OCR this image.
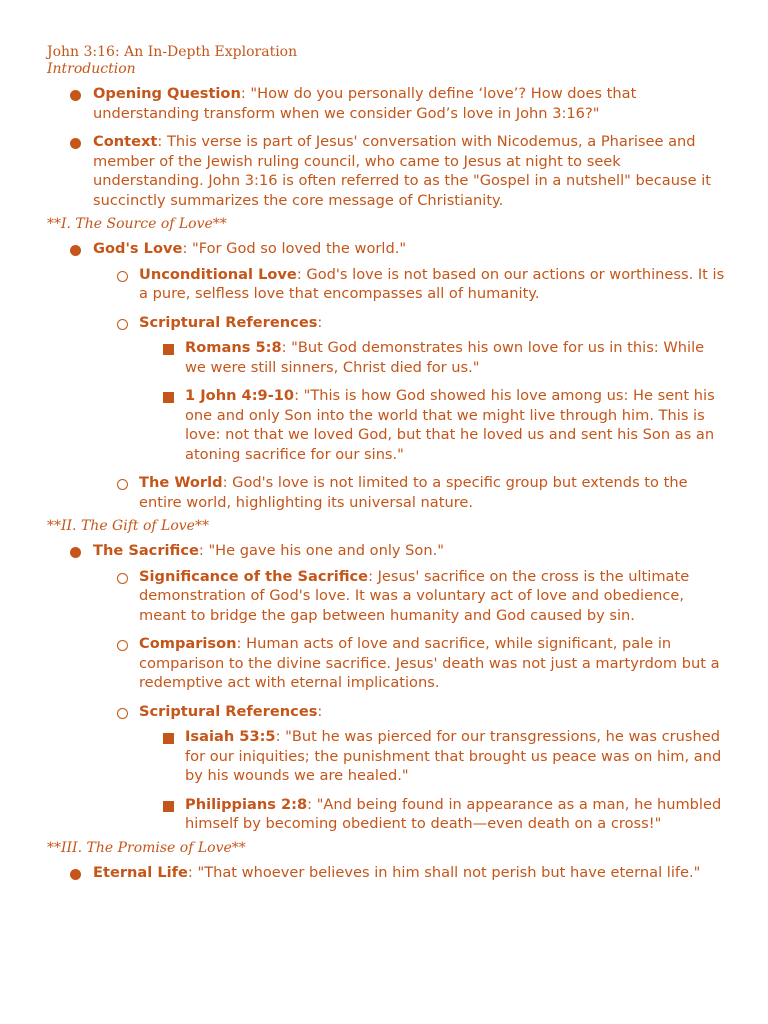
John 3:16: An In-Depth Exploration

Introduction

Opening Question: "How do you personally define ‘love’? How does that understanding transform when we consider God’s love in John 3:16?"
Context: This verse is part of Jesus' conversation with Nicodemus, a Pharisee and member of the Jewish ruling council, who came to Jesus at night to seek understanding. John 3:16 is often referred to as the "Gospel in a nutshell" because it succinctly summarizes the core message of Christianity.

**I. The Source of Love**

God's Love: "For God so loved the world."
Unconditional Love: God's love is not based on our actions or worthiness. It is a pure, selfless love that encompasses all of humanity.
Scriptural References:
Romans 5:8: "But God demonstrates his own love for us in this: While we were still sinners, Christ died for us."
1 John 4:9-10: "This is how God showed his love among us: He sent his one and only Son into the world that we might live through him. This is love: not that we loved God, but that he loved us and sent his Son as an atoning sacrifice for our sins."
The World: God's love is not limited to a specific group but extends to the entire world, highlighting its universal nature.

**II. The Gift of Love**

The Sacrifice: "He gave his one and only Son."
Significance of the Sacrifice: Jesus' sacrifice on the cross is the ultimate demonstration of God's love. It was a voluntary act of love and obedience, meant to bridge the gap between humanity and God caused by sin.
Comparison: Human acts of love and sacrifice, while significant, pale in comparison to the divine sacrifice. Jesus' death was not just a martyrdom but a redemptive act with eternal implications.
Scriptural References:
Isaiah 53:5: "But he was pierced for our transgressions, he was crushed for our iniquities; the punishment that brought us peace was on him, and by his wounds we are healed."
Philippians 2:8: "And being found in appearance as a man, he humbled himself by becoming obedient to death—even death on a cross!"

**III. The Promise of Love**

Eternal Life: "That whoever believes in him shall not perish but have eternal life."
